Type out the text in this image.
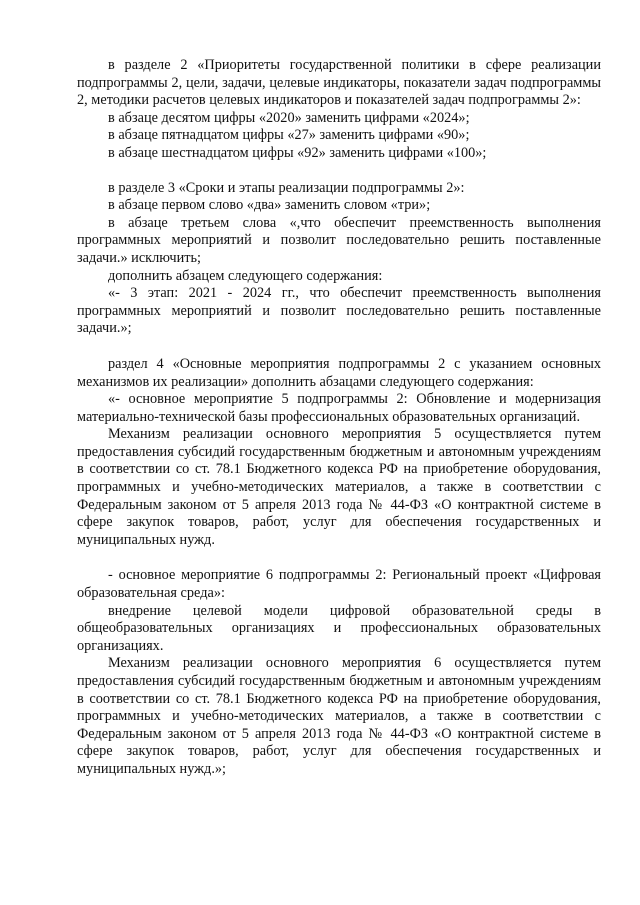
в разделе 2 «Приоритеты государственной политики в сфере реализации подпрограммы 2, цели, задачи, целевые индикаторы, показатели задач подпрограммы 2, методики расчетов целевых индикаторов и показателей задач подпрограммы 2»:

в абзаце десятом цифры «2020» заменить цифрами «2024»;

в абзаце пятнадцатом цифры «27» заменить цифрами «90»;

в абзаце шестнадцатом цифры «92» заменить цифрами «100»;

в разделе 3 «Сроки и этапы реализации подпрограммы 2»:

в абзаце первом слово «два» заменить словом «три»;

в абзаце третьем слова «,что обеспечит преемственность выполнения программных мероприятий и позволит последовательно решить поставленные задачи.» исключить;

дополнить абзацем следующего содержания:

«- 3 этап: 2021 - 2024 гг., что обеспечит преемственность выполнения программных мероприятий и позволит последовательно решить поставленные задачи.»;

раздел 4 «Основные мероприятия подпрограммы 2 с указанием основных механизмов их реализации» дополнить абзацами следующего содержания:

«- основное мероприятие 5 подпрограммы 2: Обновление и модернизация материально-технической базы профессиональных образовательных организаций.

Механизм реализации основного мероприятия 5 осуществляется путем предоставления субсидий государственным бюджетным и автономным учреждениям в соответствии со ст. 78.1 Бюджетного кодекса РФ на приобретение оборудования, программных и учебно-методических материалов, а также в соответствии с Федеральным законом от 5 апреля 2013 года № 44-ФЗ «О контрактной системе в сфере закупок товаров, работ, услуг для обеспечения государственных и муниципальных нужд.

- основное мероприятие 6 подпрограммы 2: Региональный проект «Цифровая образовательная среда»:

внедрение целевой модели цифровой образовательной среды в общеобразовательных организациях и профессиональных образовательных организациях.

Механизм реализации основного мероприятия 6 осуществляется путем предоставления субсидий государственным бюджетным и автономным учреждениям в соответствии со ст. 78.1 Бюджетного кодекса РФ на приобретение оборудования, программных и учебно-методических материалов, а также в соответствии с Федеральным законом от 5 апреля 2013 года № 44-ФЗ «О контрактной системе в сфере закупок товаров, работ, услуг для обеспечения государственных и муниципальных нужд.»;
